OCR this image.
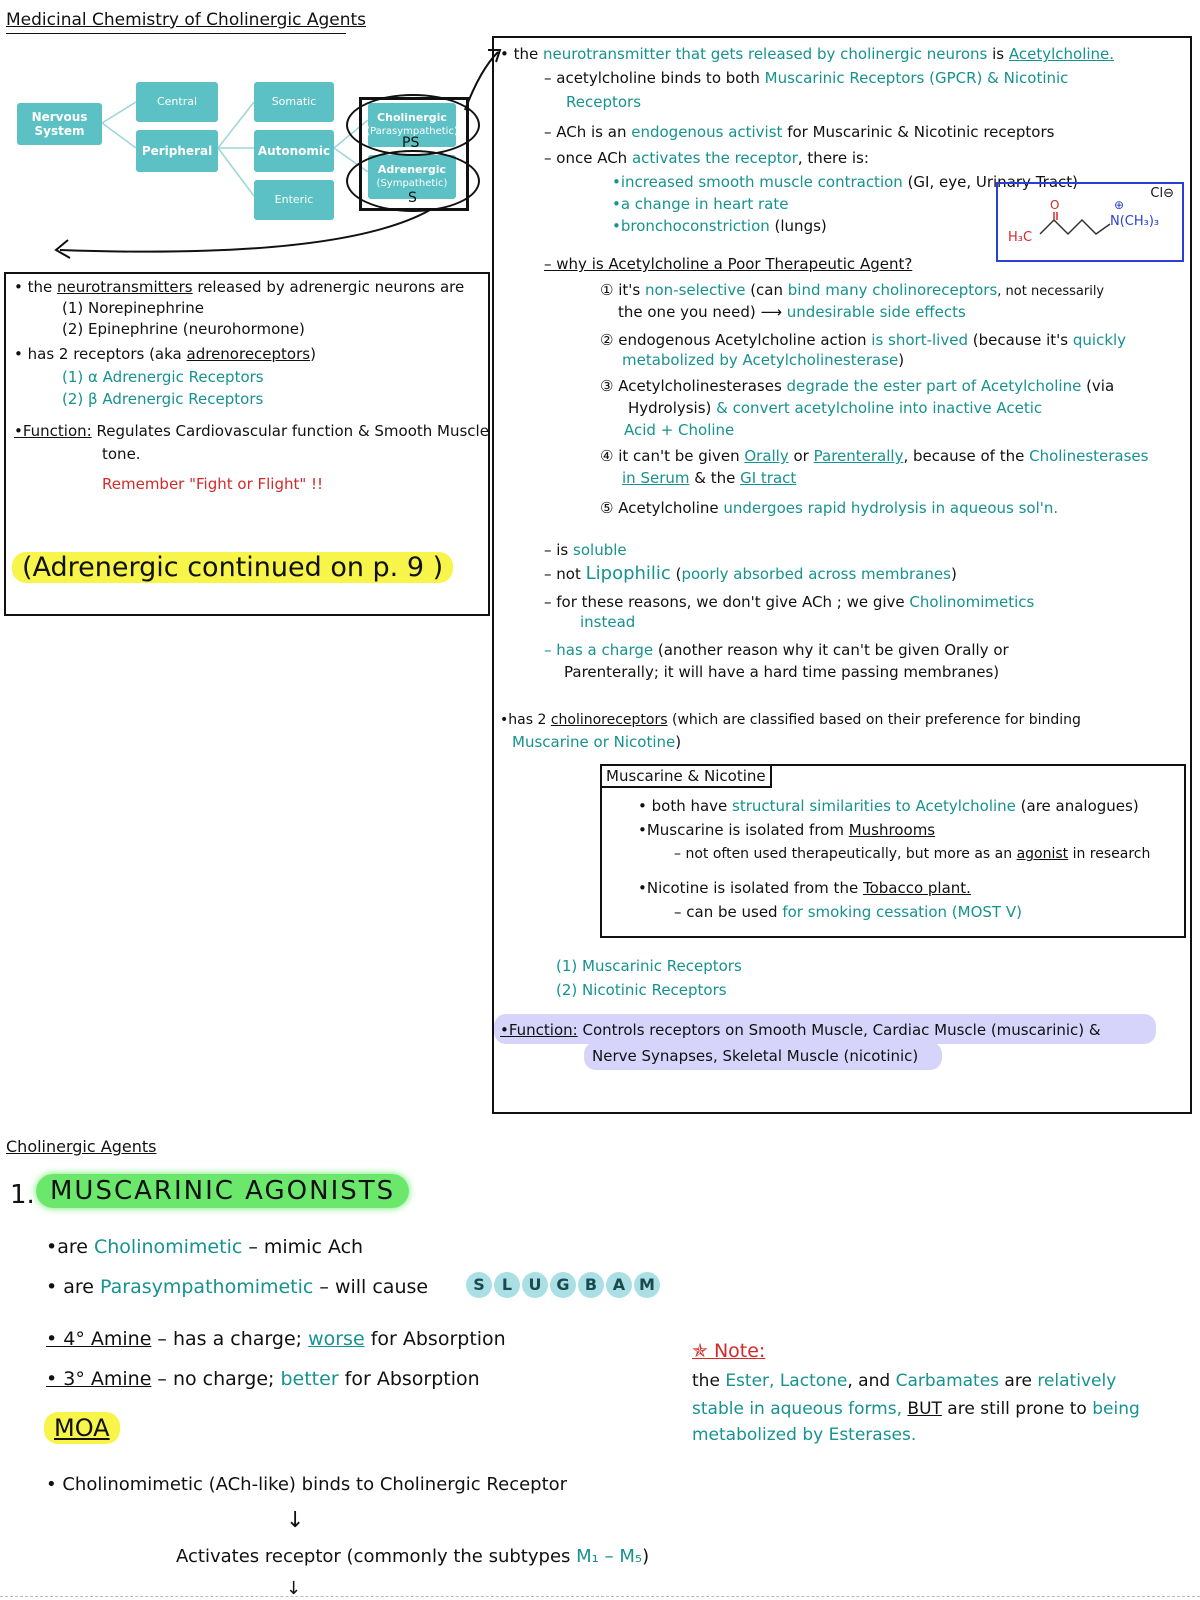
Medicinal Chemistry of Cholinergic Agents
Nervous System
Central
Peripheral
Somatic
Autonomic
Enteric
Cholinergic
(Parasympathetic)
Adrenergic
(Sympathetic)
PS
S
• the neurotransmitters released by adrenergic neurons are
(1) Norepinephrine
(2) Epinephrine (neurohormone)
• has 2 receptors (aka adrenoreceptors)
(1) α Adrenergic Receptors
(2) β Adrenergic Receptors
•Function: Regulates Cardiovascular function & Smooth Muscle
tone.
Remember "Fight or Flight" !!
(Adrenergic continued on p. 9 )
• the neurotransmitter that gets released by cholinergic neurons is Acetylcholine.
– acetylcholine binds to both Muscarinic Receptors (GPCR) & Nicotinic
Receptors
– ACh is an endogenous activist for Muscarinic & Nicotinic receptors
– once ACh activates the receptor, there is:
•increased smooth muscle contraction (GI, eye, Urinary Tract)
•a change in heart rate
•bronchoconstriction (lungs)
Cl⊖
H₃C
O	⊕
N(CH₃)₃
– why is Acetylcholine a Poor Therapeutic Agent?
① it's non-selective (can bind many cholinoreceptors, not necessarily
the one you need) ⟶ undesirable side effects
② endogenous Acetylcholine action is short-lived (because it's quickly
metabolized by Acetylcholinesterase)
③ Acetylcholinesterases degrade the ester part of Acetylcholine (via
Hydrolysis) & convert acetylcholine into inactive Acetic
Acid + Choline
④ it can't be given Orally or Parenterally, because of the Cholinesterases
in Serum & the GI tract
⑤ Acetylcholine undergoes rapid hydrolysis in aqueous sol'n.
– is soluble
– not Lipophilic (poorly absorbed across membranes)
– for these reasons, we don't give ACh ; we give Cholinomimetics
instead
– has a charge (another reason why it can't be given Orally or
Parenterally; it will have a hard time passing membranes)
•has 2 cholinoreceptors (which are classified based on their preference for binding
Muscarine or Nicotine)
Muscarine & Nicotine
• both have structural similarities to Acetylcholine (are analogues)
•Muscarine is isolated from Mushrooms
– not often used therapeutically, but more as an agonist in research
•Nicotine is isolated from the Tobacco plant.
– can be used for smoking cessation (MOST V)
(1) Muscarinic Receptors
(2) Nicotinic Receptors
•Function: Controls receptors on Smooth Muscle, Cardiac Muscle (muscarinic) &
Nerve Synapses, Skeletal Muscle (nicotinic)
Cholinergic Agents
1. MUSCARINIC AGONISTS
•are Cholinomimetic – mimic Ach
• are Parasympathomimetic – will cause	S L U G B A M
• 4° Amine – has a charge; worse for Absorption
• 3° Amine – no charge; better for Absorption
MOA
• Cholinomimetic (ACh-like) binds to Cholinergic Receptor
↓
Activates receptor (commonly the subtypes M₁ – M₅)
↓
✯ Note:
the Ester, Lactone, and Carbamates are relatively
stable in aqueous forms, BUT are still prone to being
metabolized by Esterases.
